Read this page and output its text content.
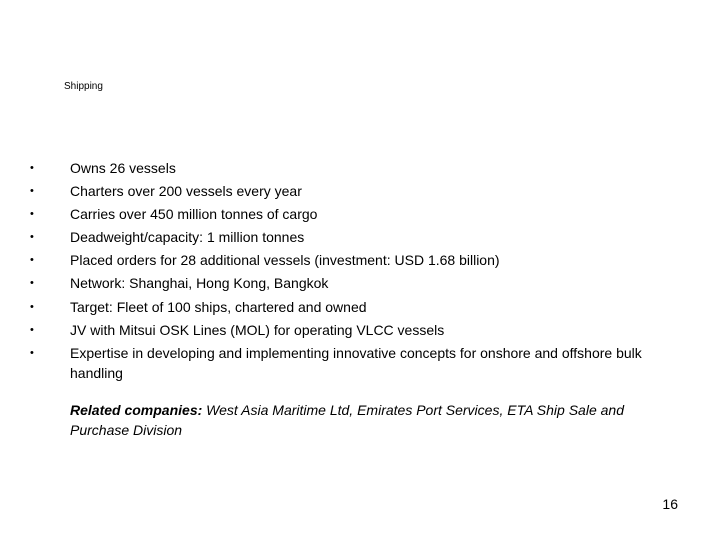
Shipping
•	Owns 26 vessels
•	Charters over 200 vessels every year
•	Carries over 450 million tonnes of cargo
•	Deadweight/capacity: 1 million tonnes
•	Placed orders for 28 additional vessels (investment: USD 1.68 billion)
•	Network: Shanghai, Hong Kong, Bangkok
•	Target: Fleet of 100 ships, chartered and owned
•	JV with Mitsui OSK Lines (MOL) for operating VLCC vessels
•	Expertise in developing and implementing innovative concepts for onshore and offshore bulk handling

Related companies: West Asia Maritime Ltd, Emirates Port Services, ETA Ship Sale and Purchase Division

16
